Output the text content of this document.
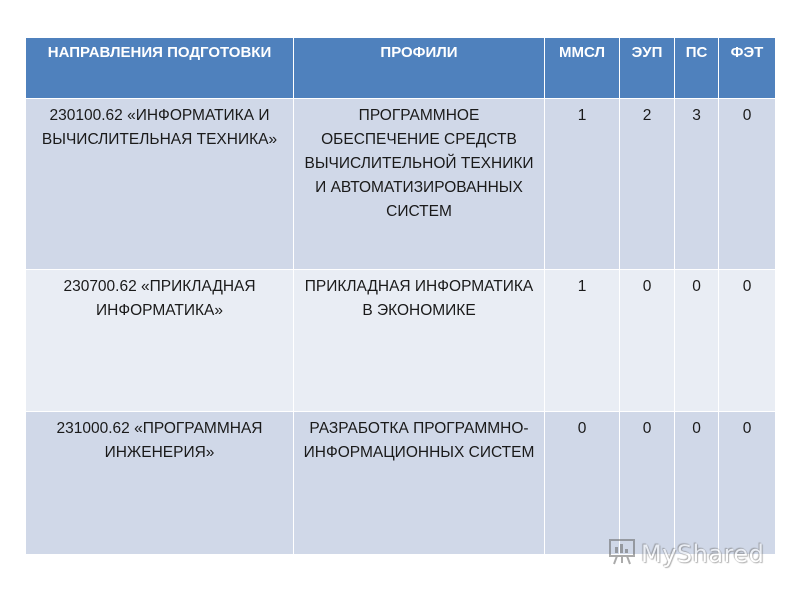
НАПРАВЛЕНИЯ ПОДГОТОВКИ	ПРОФИЛИ	ММСЛ	ЭУП	ПС	ФЭТ
230100.62 «ИНФОРМАТИКА И ВЫЧИСЛИТЕЛЬНАЯ ТЕХНИКА»	ПРОГРАММНОЕ ОБЕСПЕЧЕНИЕ СРЕДСТВ ВЫЧИСЛИТЕЛЬНОЙ ТЕХНИКИ И АВТОМАТИЗИРОВАННЫХ СИСТЕМ	1	2	3	0
230700.62 «ПРИКЛАДНАЯ ИНФОРМАТИКА»	ПРИКЛАДНАЯ ИНФОРМАТИКА В ЭКОНОМИКЕ	1	0	0	0
231000.62 «ПРОГРАММНАЯ ИНЖЕНЕРИЯ»	РАЗРАБОТКА ПРОГРАММНО-ИНФОРМАЦИОННЫХ СИСТЕМ	0	0	0	0
MyShared
